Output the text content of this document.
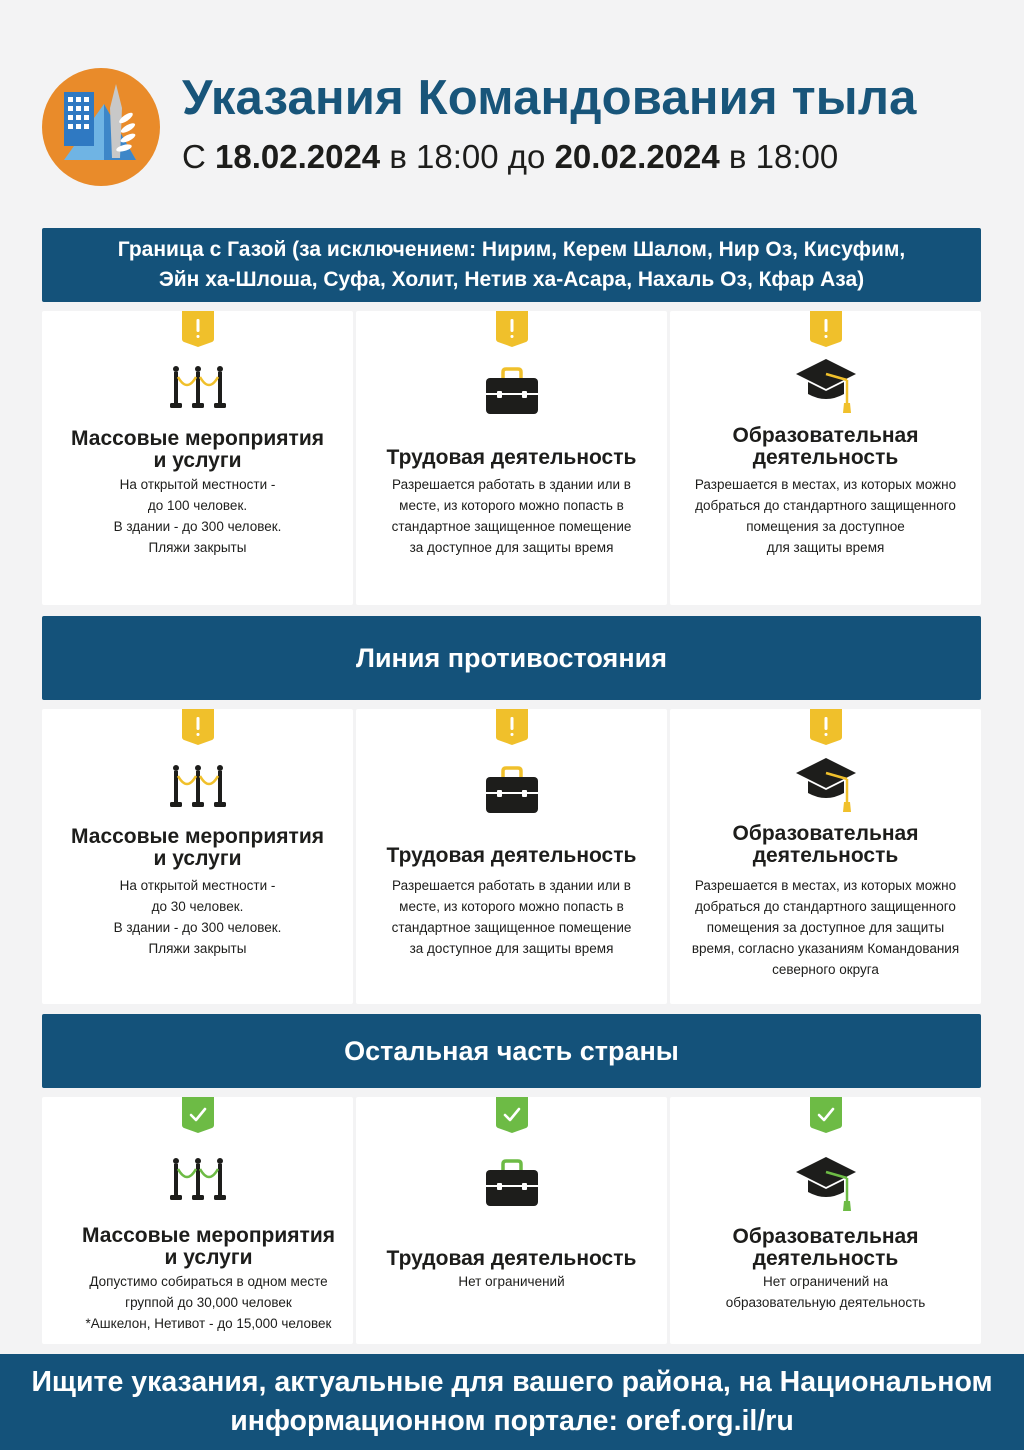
Указания Командования тыла
С 18.02.2024 в 18:00 до 20.02.2024 в 18:00
Граница с Газой (за исключением: Нирим, Керем Шалом, Нир Оз, Кисуфим,
Эйн ха-Шлоша, Суфа, Холит, Нетив ха-Асара, Нахаль Оз, Кфар Аза)
Массовые мероприятия
и услуги
На открытой местности -
до 100 человек.
В здании - до 300 человек.
Пляжи закрыты
Трудовая деятельность
Разрешается работать в здании или в
месте, из которого можно попасть в
стандартное защищенное помещение
за доступное для защиты время
Образовательная
деятельность
Разрешается в местах, из которых можно
добраться до стандартного защищенного
помещения за доступное
для защиты время
Линия противостояния
Массовые мероприятия
и услуги
На открытой местности -
до 30 человек.
В здании - до 300 человек.
Пляжи закрыты
Трудовая деятельность
Разрешается работать в здании или в
месте, из которого можно попасть в
стандартное защищенное помещение
за доступное для защиты время
Образовательная
деятельность
Разрешается в местах, из которых можно
добраться до стандартного защищенного
помещения за доступное для защиты
время, согласно указаниям Командования
северного округа
Остальная часть страны
Массовые мероприятия
и услуги
Допустимо собираться в одном месте
группой до 30,000 человек
*Ашкелон, Нетивот - до 15,000 человек
Трудовая деятельность
Нет ограничений
Образовательная
деятельность
Нет ограничений на
образовательную деятельность
Ищите указания, актуальные для вашего района, на Национальном
информационном портале: oref.org.il/ru
